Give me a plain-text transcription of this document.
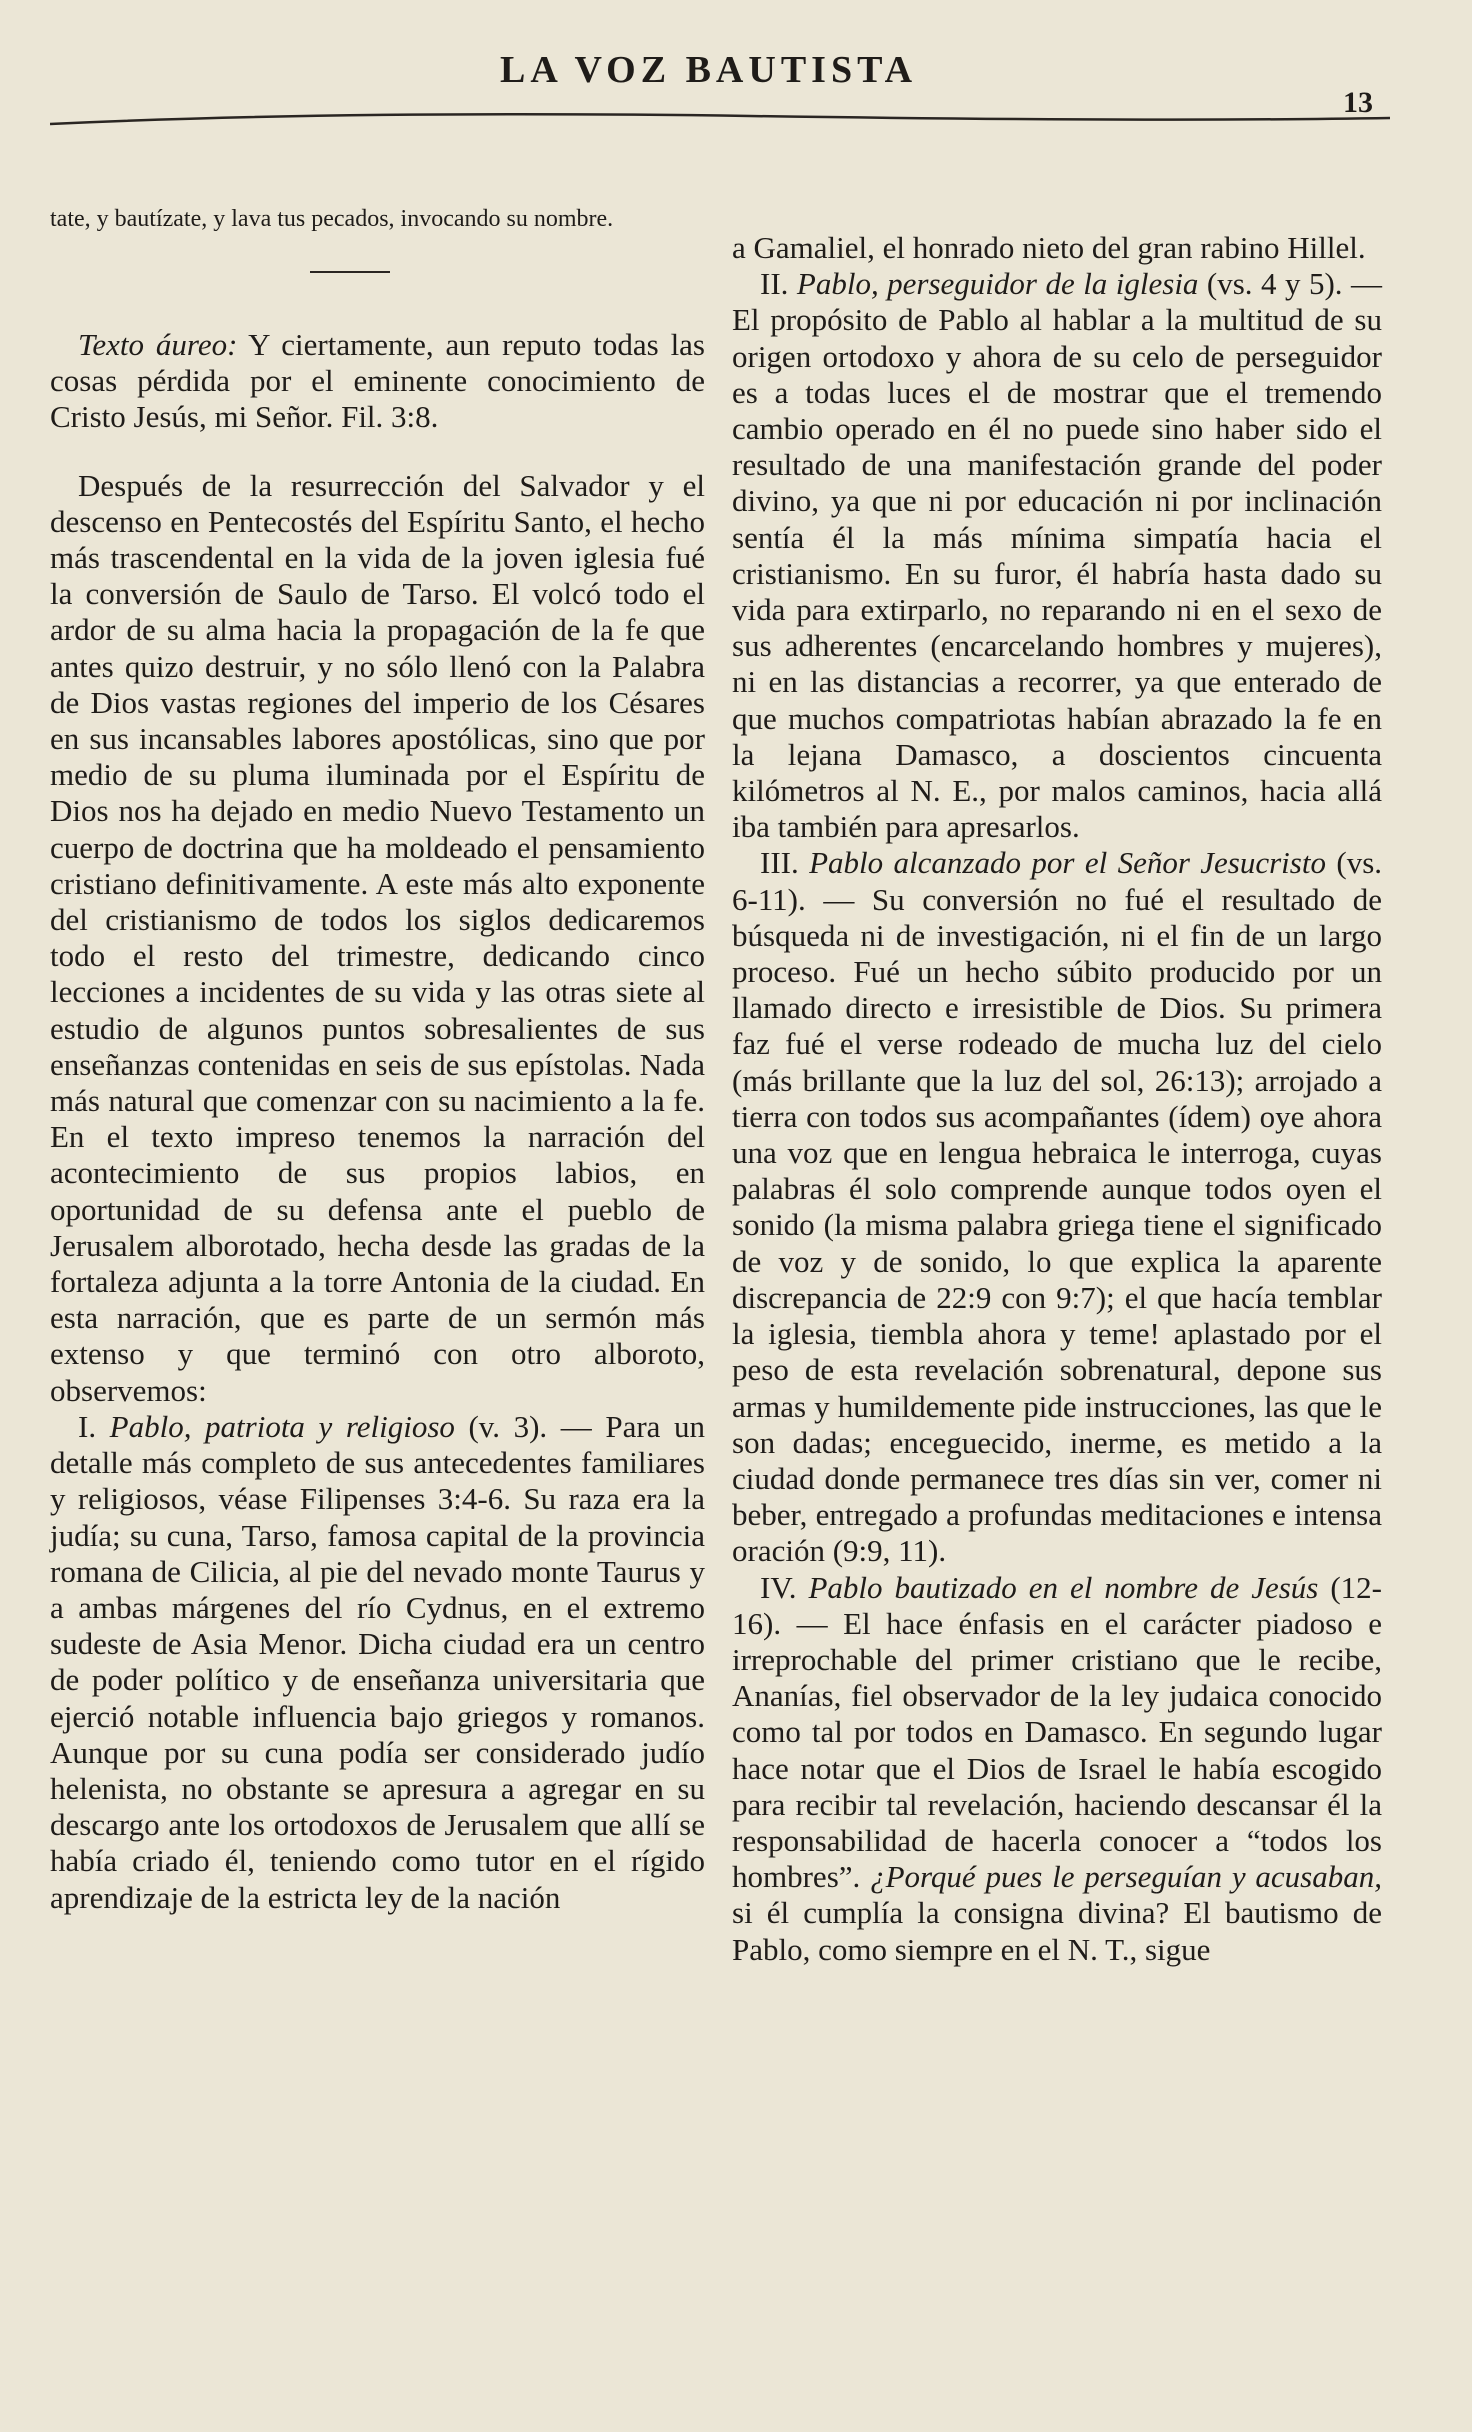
LA VOZ BAUTISTA
13

tate, y bautízate, y lava tus pecados, invocando su nombre.

Texto áureo: Y ciertamente, aun reputo todas las cosas pérdida por el eminente conocimiento de Cristo Jesús, mi Señor. Fil. 3:8.

Después de la resurrección del Salvador y el descenso en Pentecostés del Espíritu Santo, el hecho más trascendental en la vida de la joven iglesia fué la conversión de Saulo de Tarso. El volcó todo el ardor de su alma hacia la propagación de la fe que antes quizo destruir, y no sólo llenó con la Palabra de Dios vastas regiones del imperio de los Césares en sus incansables labores apostólicas, sino que por medio de su pluma iluminada por el Espíritu de Dios nos ha dejado en medio Nuevo Testamento un cuerpo de doctrina que ha moldeado el pensamiento cristiano definitivamente. A este más alto exponente del cristianismo de todos los siglos dedicaremos todo el resto del trimestre, dedicando cinco lecciones a incidentes de su vida y las otras siete al estudio de algunos puntos sobresalientes de sus enseñanzas contenidas en seis de sus epístolas. Nada más natural que comenzar con su nacimiento a la fe. En el texto impreso tenemos la narración del acontecimiento de sus propios labios, en oportunidad de su defensa ante el pueblo de Jerusalem alborotado, hecha desde las gradas de la fortaleza adjunta a la torre Antonia de la ciudad. En esta narración, que es parte de un sermón más extenso y que terminó con otro alboroto, observemos:

I. Pablo, patriota y religioso (v. 3). — Para un detalle más completo de sus antecedentes familiares y religiosos, véase Filipenses 3:4-6. Su raza era la judía; su cuna, Tarso, famosa capital de la provincia romana de Cilicia, al pie del nevado monte Taurus y a ambas márgenes del río Cydnus, en el extremo sudeste de Asia Menor. Dicha ciudad era un centro de poder político y de enseñanza universitaria que ejerció notable influencia bajo griegos y romanos. Aunque por su cuna podía ser considerado judío helenista, no obstante se apresura a agregar en su descargo ante los ortodoxos de Jerusalem que allí se había criado él, teniendo como tutor en el rígido aprendizaje de la estricta ley de la nación

a Gamaliel, el honrado nieto del gran rabino Hillel.

II. Pablo, perseguidor de la iglesia (vs. 4 y 5). — El propósito de Pablo al hablar a la multitud de su origen ortodoxo y ahora de su celo de perseguidor es a todas luces el de mostrar que el tremendo cambio operado en él no puede sino haber sido el resultado de una manifestación grande del poder divino, ya que ni por educación ni por inclinación sentía él la más mínima simpatía hacia el cristianismo. En su furor, él habría hasta dado su vida para extirparlo, no reparando ni en el sexo de sus adherentes (encarcelando hombres y mujeres), ni en las distancias a recorrer, ya que enterado de que muchos compatriotas habían abrazado la fe en la lejana Damasco, a doscientos cincuenta kilómetros al N. E., por malos caminos, hacia allá iba también para apresarlos.

III. Pablo alcanzado por el Señor Jesucristo (vs. 6-11). — Su conversión no fué el resultado de búsqueda ni de investigación, ni el fin de un largo proceso. Fué un hecho súbito producido por un llamado directo e irresistible de Dios. Su primera faz fué el verse rodeado de mucha luz del cielo (más brillante que la luz del sol, 26:13); arrojado a tierra con todos sus acompañantes (ídem) oye ahora una voz que en lengua hebraica le interroga, cuyas palabras él solo comprende aunque todos oyen el sonido (la misma palabra griega tiene el significado de voz y de sonido, lo que explica la aparente discrepancia de 22:9 con 9:7); el que hacía temblar la iglesia, tiembla ahora y teme! aplastado por el peso de esta revelación sobrenatural, depone sus armas y humildemente pide instrucciones, las que le son dadas; enceguecido, inerme, es metido a la ciudad donde permanece tres días sin ver, comer ni beber, entregado a profundas meditaciones e intensa oración (9:9, 11).

IV. Pablo bautizado en el nombre de Jesús (12-16). — El hace énfasis en el carácter piadoso e irreprochable del primer cristiano que le recibe, Ananías, fiel observador de la ley judaica conocido como tal por todos en Damasco. En segundo lugar hace notar que el Dios de Israel le había escogido para recibir tal revelación, haciendo descansar él la responsabilidad de hacerla conocer a “todos los hombres”. ¿Porqué pues le perseguían y acusaban, si él cumplía la consigna divina? El bautismo de Pablo, como siempre en el N. T., sigue
